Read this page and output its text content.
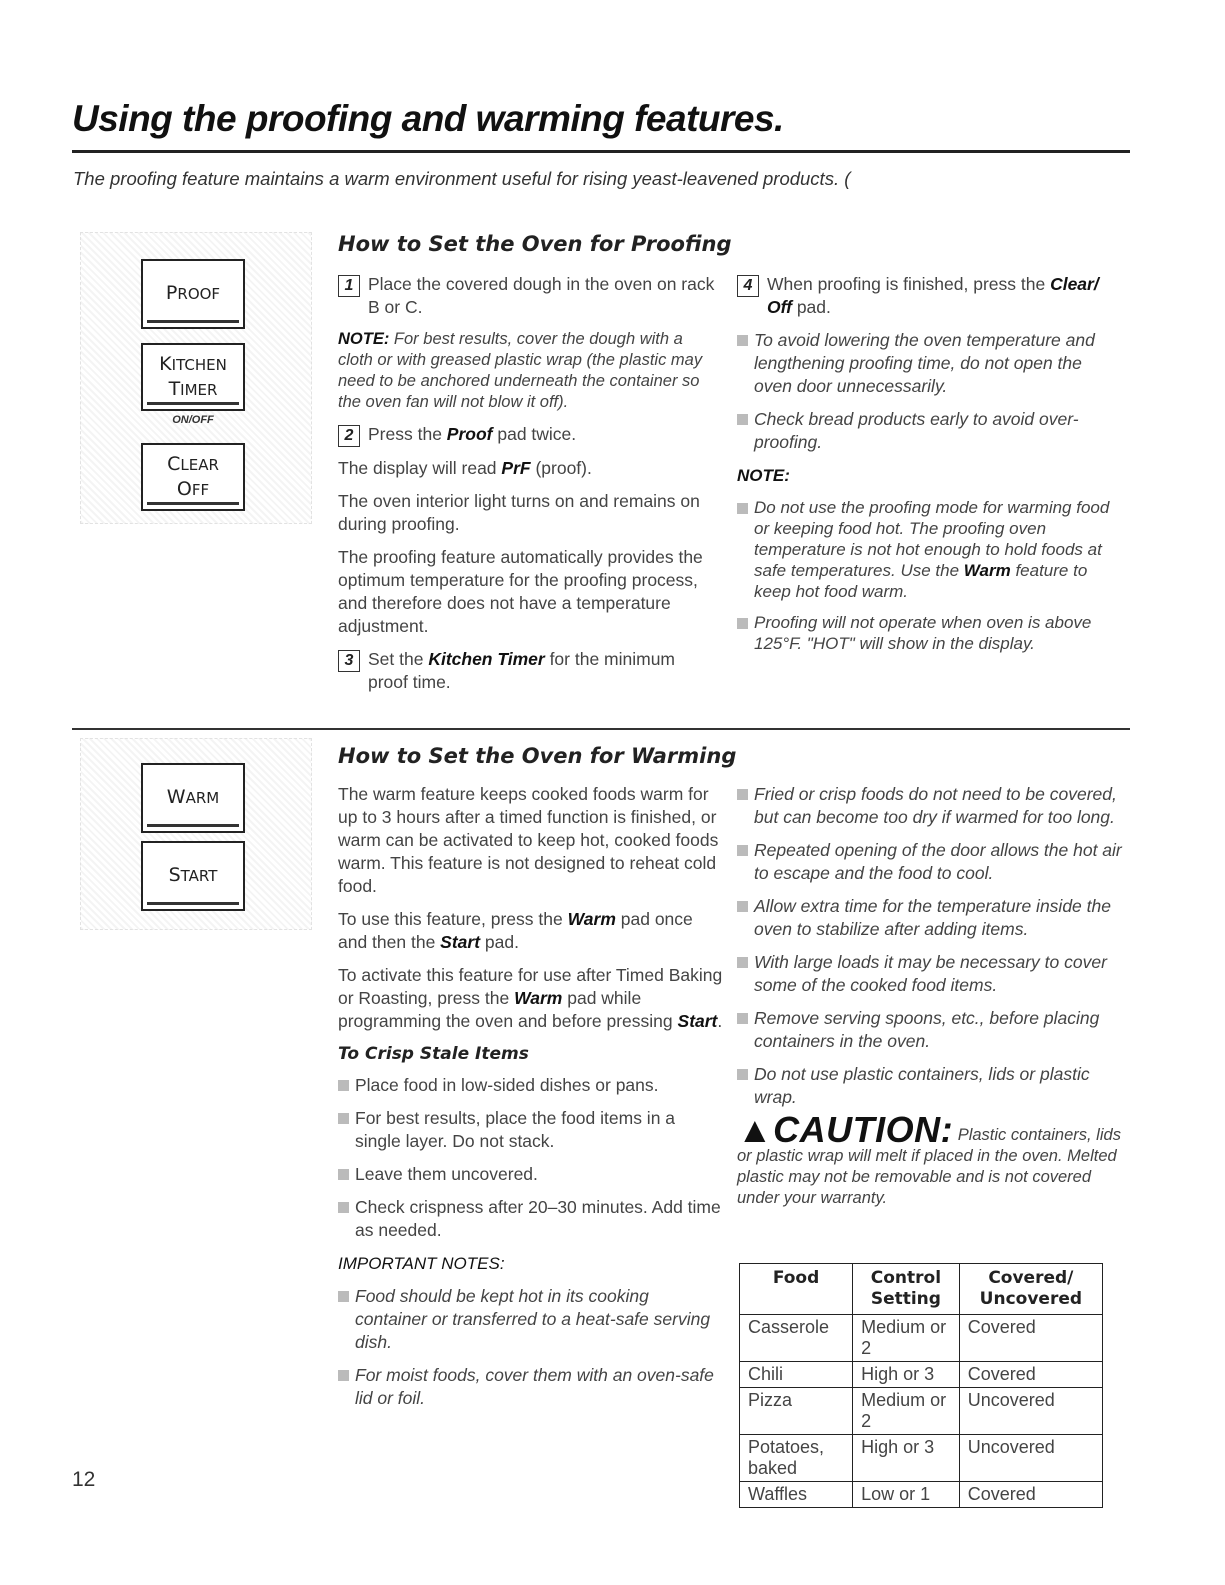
Using the proofing and warming features.
The proofing feature maintains a warm environment useful for rising yeast-leavened products. (
PROOF
KITCHEN
TIMER
ON/OFF
CLEAR
OFF
How to Set the Oven for Proofing
1 Place the covered dough in the oven on rack B or C.

NOTE: For best results, cover the dough with a cloth or with greased plastic wrap (the plastic may need to be anchored underneath the container so the oven fan will not blow it off).

2 Press the Proof pad twice.

The display will read PrF (proof).

The oven interior light turns on and remains on during proofing.

The proofing feature automatically provides the optimum temperature for the proofing process, and therefore does not have a temperature adjustment.

3 Set the Kitchen Timer for the minimum proof time.
4 When proofing is finished, press the Clear/ Off pad.
To avoid lowering the oven temperature and lengthening proofing time, do not open the oven door unnecessarily.
Check bread products early to avoid over-proofing.

NOTE:

Do not use the proofing mode for warming food or keeping food hot. The proofing oven temperature is not hot enough to hold foods at safe temperatures. Use the Warm feature to keep hot food warm.
Proofing will not operate when oven is above 125°F. "HOT" will show in the display.
WARM
START
How to Set the Oven for Warming

The warm feature keeps cooked foods warm for up to 3 hours after a timed function is finished, or warm can be activated to keep hot, cooked foods warm. This feature is not designed to reheat cold food.

To use this feature, press the Warm pad once and then the Start pad.

To activate this feature for use after Timed Baking or Roasting, press the Warm pad while programming the oven and before pressing Start.

To Crisp Stale Items
Place food in low-sided dishes or pans.
For best results, place the food items in a single layer. Do not stack.
Leave them uncovered.
Check crispness after 20–30 minutes. Add time as needed.

IMPORTANT NOTES:

Food should be kept hot in its cooking container or transferred to a heat-safe serving dish.
For moist foods, cover them with an oven-safe lid or foil.
Fried or crisp foods do not need to be covered, but can become too dry if warmed for too long.
Repeated opening of the door allows the hot air to escape and the food to cool.
Allow extra time for the temperature inside the oven to stabilize after adding items.
With large loads it may be necessary to cover some of the cooked food items.
Remove serving spoons, etc., before placing containers in the oven.
Do not use plastic containers, lids or plastic wrap.
▲CAUTION: Plastic containers, lids or plastic wrap will melt if placed in the oven. Melted plastic may not be removable and is not covered under your warranty.
Food	Control Setting	Covered/ Uncovered
Casserole	Medium or 2	Covered
Chili	High or 3	Covered
Pizza	Medium or 2	Uncovered
Potatoes, baked	High or 3	Uncovered
Waffles	Low or 1	Covered
12
